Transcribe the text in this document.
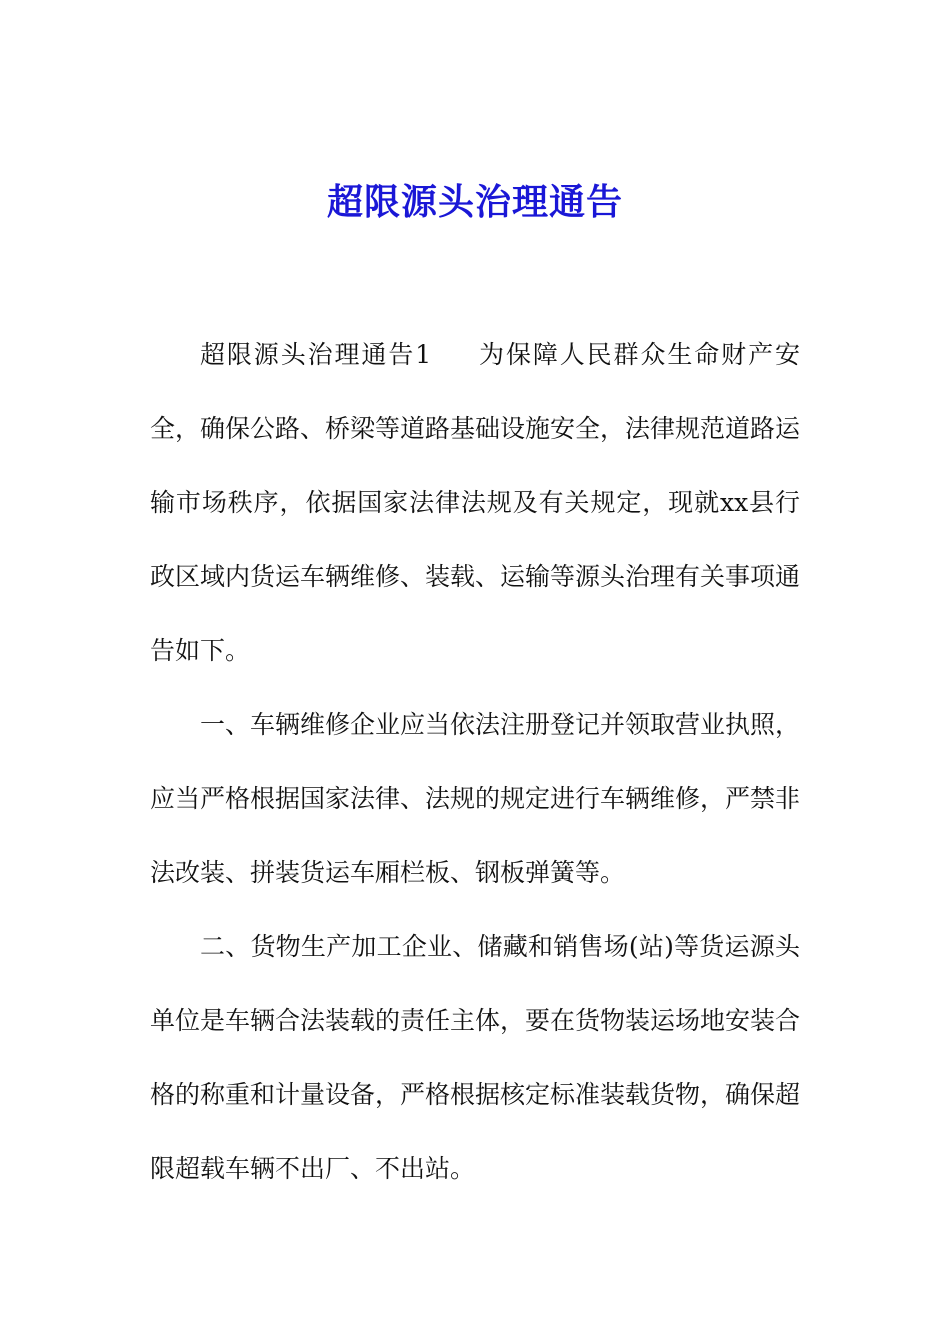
超限源头治理通告

超限源头治理通告1 为保障人民群众生命财产安全，确保公路、桥梁等道路基础设施安全，法律规范道路运输市场秩序，依据国家法律法规及有关规定，现就xx县行政区域内货运车辆维修、装载、运输等源头治理有关事项通告如下。

一、车辆维修企业应当依法注册登记并领取营业执照，应当严格根据国家法律、法规的规定进行车辆维修，严禁非法改装、拼装货运车厢栏板、钢板弹簧等。

二、货物生产加工企业、储藏和销售场(站)等货运源头单位是车辆合法装载的责任主体，要在货物装运场地安装合格的称重和计量设备，严格根据核定标准装载货物，确保超限超载车辆不出厂、不出站。
